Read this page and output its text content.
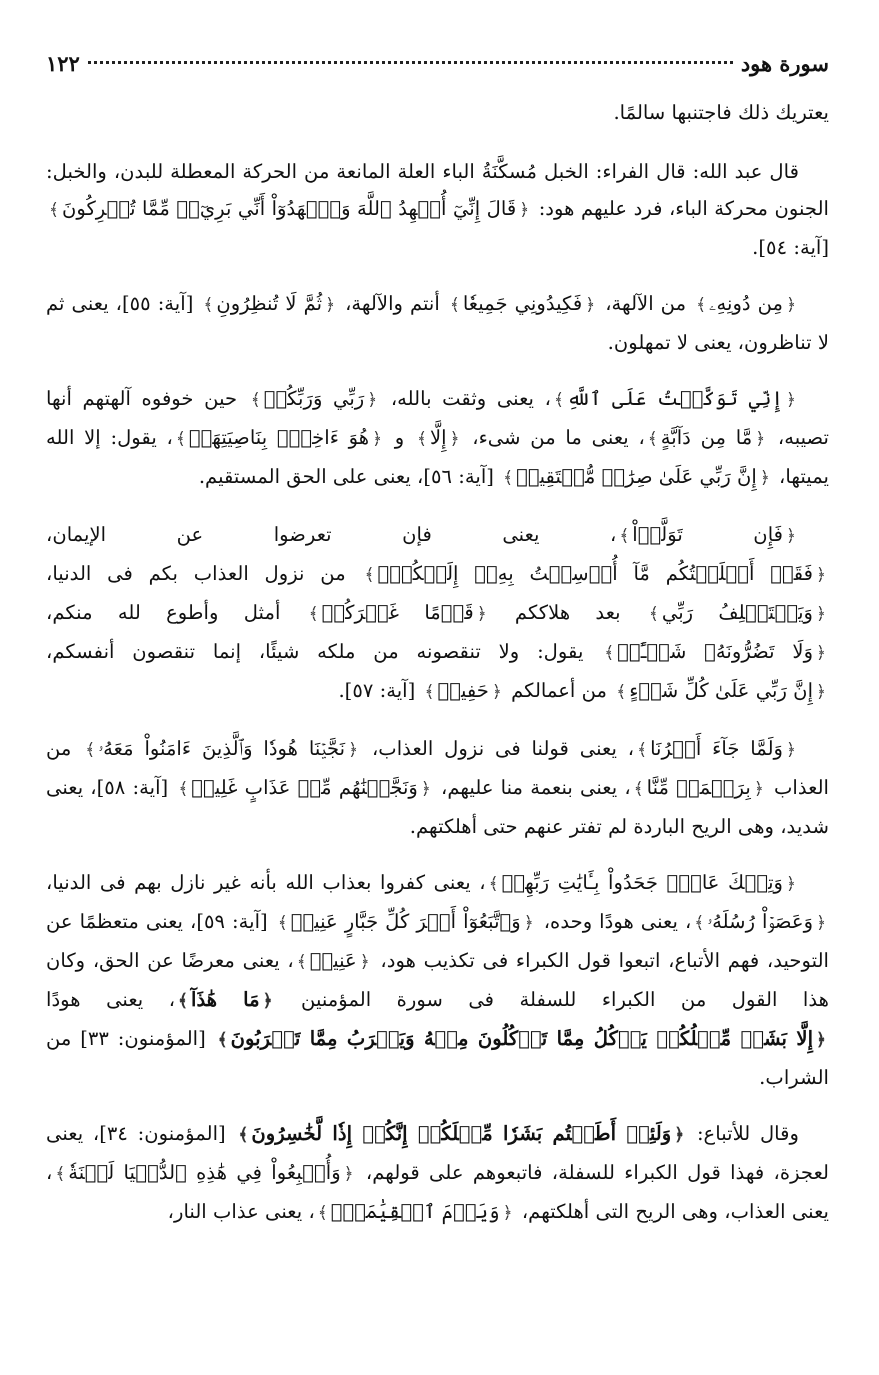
سورة هود
١٢٢

يعتريك ذلك فاجتنبها سالمًا.

قال عبد الله: قال الفراء: الخبل مُسكَّنَةُ الباء العلة المانعة من الحركة المعطلة للبدن، والخبل: الجنون محركة الباء، فرد عليهم هود: ﴿قَالَ إِنِّيٓ أُشۡهِدُ ٱللَّهَ وَٱشۡهَدُوٓاْ أَنِّي بَرِيٓءٞ مِّمَّا تُشۡرِكُونَ﴾ [آية: ٥٤].

﴿مِن دُونِهِۦ﴾ من الآلهة، ﴿فَكِيدُونِي جَمِيعٗا﴾ أنتم والآلهة، ﴿ثُمَّ لَا تُنظِرُونِ﴾ [آية: ٥٥]، يعنى ثم لا تناظرون، يعنى لا تمهلون.

﴿إِنِّي تَوَكَّلۡتُ عَلَى ٱللَّهِ﴾، يعنى وثقت بالله، ﴿رَبِّي وَرَبِّكُمۚ﴾ حين خوفوه آلهتهم أنها تصيبه، ﴿مَّا مِن دَآبَّةٍ﴾، يعنى ما من شىء، ﴿إِلَّا﴾ و ﴿هُوَ ءَاخِذُۢ بِنَاصِيَتِهَآۚ﴾، يقول: إلا الله يميتها، ﴿إِنَّ رَبِّي عَلَىٰ صِرَٰطٖ مُّسۡتَقِيمٖ﴾ [آية: ٥٦]، يعنى على الحق المستقيم.

﴿فَإِن تَوَلَّوۡاْ﴾، يعنى فإن تعرضوا عن الإيمان، ﴿فَقَدۡ أَبۡلَغۡتُكُم مَّآ أُرۡسِلۡتُ بِهِۦٓ إِلَيۡكُمۡۚ﴾ من نزول العذاب بكم فى الدنيا، ﴿وَيَسۡتَخۡلِفُ رَبِّي﴾ بعد هلاككم ﴿قَوۡمًا غَيۡرَكُمۡ﴾ أمثل وأطوع لله منكم، ﴿وَلَا تَضُرُّونَهُۥ شَيۡـًٔاۚ﴾ يقول: ولا تنقصونه من ملكه شيئًا، إنما تنقصون أنفسكم، ﴿إِنَّ رَبِّي عَلَىٰ كُلِّ شَيۡءٍ﴾ من أعمالكم ﴿حَفِيظٞ﴾ [آية: ٥٧].

﴿وَلَمَّا جَآءَ أَمۡرُنَا﴾، يعنى قولنا فى نزول العذاب، ﴿نَجَّيۡنَا هُودٗا وَٱلَّذِينَ ءَامَنُواْ مَعَهُۥ﴾ من العذاب ﴿بِرَحۡمَةٖ مِّنَّا﴾، يعنى بنعمة منا عليهم، ﴿وَنَجَّيۡنَٰهُم مِّنۡ عَذَابٍ غَلِيظٖ﴾ [آية: ٥٨]، يعنى شديد، وهى الريح الباردة لم تفتر عنهم حتى أهلكتهم.

﴿وَتِلۡكَ عَادٞۖ جَحَدُواْ بِـَٔايَٰتِ رَبِّهِمۡ﴾، يعنى كفروا بعذاب الله بأنه غير نازل بهم فى الدنيا، ﴿وَعَصَوۡاْ رُسُلَهُۥ﴾، يعنى هودًا وحده، ﴿وَٱتَّبَعُوٓاْ أَمۡرَ كُلِّ جَبَّارٍ عَنِيدٖ﴾ [آية: ٥٩]، يعنى متعظمًا عن التوحيد، فهم الأتباع، اتبعوا قول الكبراء فى تكذيب هود، ﴿عَنِيدٖ﴾، يعنى معرضًا عن الحق، وكان هذا القول من الكبراء للسفلة فى سورة المؤمنين ﴿مَا هَٰذَآ﴾، يعنى هودًا ﴿إِلَّا بَشَرٞ مِّثۡلُكُمۡ يَأۡكُلُ مِمَّا تَأۡكُلُونَ مِنۡهُ وَيَشۡرَبُ مِمَّا تَشۡرَبُونَ﴾ [المؤمنون: ٣٣] من الشراب.

وقال للأتباع: ﴿وَلَئِنۡ أَطَعۡتُم بَشَرٗا مِّثۡلَكُمۡ إِنَّكُمۡ إِذٗا لَّخَٰسِرُونَ﴾ [المؤمنون: ٣٤]، يعنى لعجزة، فهذا قول الكبراء للسفلة، فاتبعوهم على قولهم، ﴿وَأُتۡبِعُواْ فِي هَٰذِهِ ٱلدُّنۡيَا لَعۡنَةٗ﴾، يعنى العذاب، وهى الريح التى أهلكتهم، ﴿وَيَوۡمَ ٱلۡقِيَٰمَةِۗ﴾، يعنى عذاب النار،
